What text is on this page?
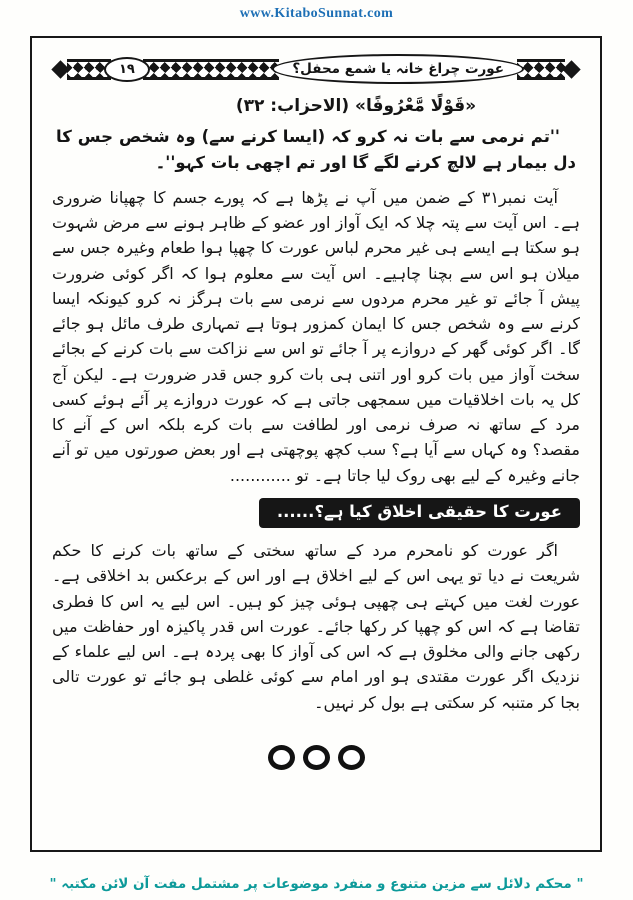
www.KitaboSunnat.com
عورت چراغ خانہ یا شمع محفل؟
١٩
«قَوْلًا مَّعْرُوفًا» (الاحزاب: ٣٢)
''تم نرمی سے بات نہ کرو کہ (ایسا کرنے سے) وہ شخص جس کا دل بیمار ہے لالچ کرنے لگے گا اور تم اچھی بات کہو''۔
آیت نمبر۳۱ کے ضمن میں آپ نے پڑھا ہے کہ پورے جسم کا چھپانا ضروری ہے۔ اس آیت سے پتہ چلا کہ ایک آواز اور عضو کے ظاہر ہونے سے مرض شہوت ہو سکتا ہے ایسے ہی غیر محرم لباس عورت کا چھپا ہوا طعام وغیرہ جس سے میلان ہو اس سے بچنا چاہیے۔ اس آیت سے معلوم ہوا کہ اگر کوئی ضرورت پیش آ جائے تو غیر محرم مردوں سے نرمی سے بات ہرگز نہ کرو کیونکہ ایسا کرنے سے وہ شخص جس کا ایمان کمزور ہوتا ہے تمہاری طرف مائل ہو جائے گا۔ اگر کوئی گھر کے دروازے پر آ جائے تو اس سے نزاکت سے بات کرنے کے بجائے سخت آواز میں بات کرو اور اتنی ہی بات کرو جس قدر ضرورت ہے۔ لیکن آج کل یہ بات اخلاقیات میں سمجھی جاتی ہے کہ عورت دروازے پر آئے ہوئے کسی مرد کے ساتھ نہ صرف نرمی اور لطافت سے بات کرے بلکہ اس کے آنے کا مقصد؟ وہ کہاں سے آیا ہے؟ سب کچھ پوچھتی ہے اور بعض صورتوں میں تو آنے جانے وغیرہ کے لیے بھی روک لیا جاتا ہے۔ تو ............
عورت کا حقیقی اخلاق کیا ہے؟......
اگر عورت کو نامحرم مرد کے ساتھ سختی کے ساتھ بات کرنے کا حکم شریعت نے دیا تو یہی اس کے لیے اخلاق ہے اور اس کے برعکس بد اخلاقی ہے۔ عورت لغت میں کہتے ہی چھپی ہوئی چیز کو ہیں۔ اس لیے یہ اس کا فطری تقاضا ہے کہ اس کو چھپا کر رکھا جائے۔ عورت اس قدر پاکیزہ اور حفاظت میں رکھی جانے والی مخلوق ہے کہ اس کی آواز کا بھی پردہ ہے۔ اس لیے علماء کے نزدیک اگر عورت مقتدی ہو اور امام سے کوئی غلطی ہو جائے تو عورت تالی بجا کر متنبہ کر سکتی ہے بول کر نہیں۔
" محکم دلائل سے مزین متنوع و منفرد موضوعات پر مشتمل مفت آن لائن مکتبہ "
